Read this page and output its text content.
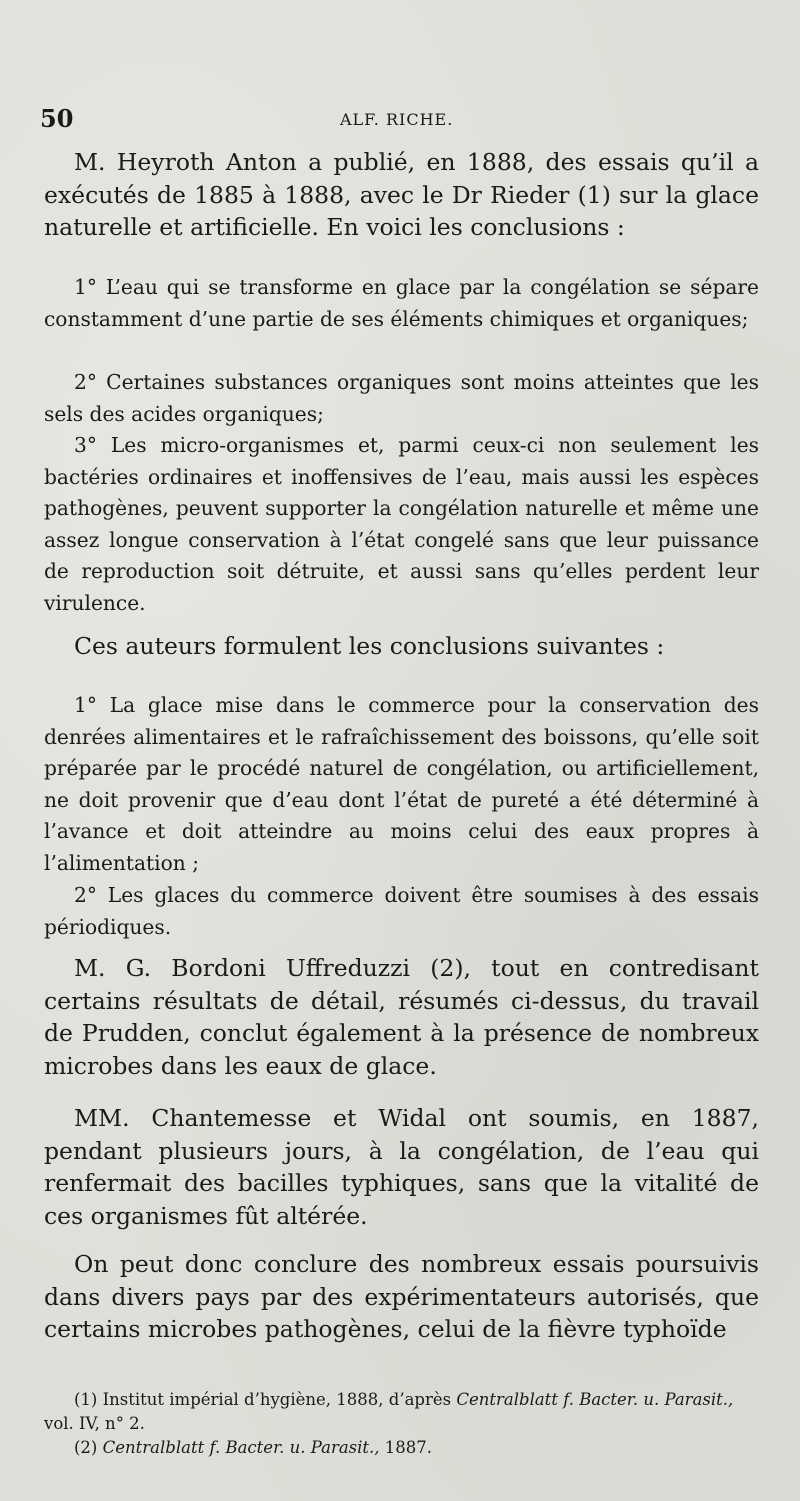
50	ALF. RICHE.

M. Heyroth Anton a publié, en 1888, des essais qu’il a exécutés de 1885 à 1888, avec le Dr Rieder (1) sur la glace naturelle et artificielle. En voici les conclusions :

1° L’eau qui se transforme en glace par la congélation se sépare constamment d’une partie de ses éléments chimiques et organiques;

2° Certaines substances organiques sont moins atteintes que les sels des acides organiques;

3° Les micro-organismes et, parmi ceux-ci non seulement les bactéries ordinaires et inoffensives de l’eau, mais aussi les espèces pathogènes, peuvent supporter la congélation naturelle et même une assez longue conservation à l’état congelé sans que leur puissance de reproduction soit détruite, et aussi sans qu’elles perdent leur virulence.

Ces auteurs formulent les conclusions suivantes :

1° La glace mise dans le commerce pour la conservation des denrées alimentaires et le rafraîchissement des boissons, qu’elle soit préparée par le procédé naturel de congélation, ou artificiellement, ne doit provenir que d’eau dont l’état de pureté a été déterminé à l’avance et doit atteindre au moins celui des eaux propres à l’alimentation ;

2° Les glaces du commerce doivent être soumises à des essais périodiques.

M. G. Bordoni Uffreduzzi (2), tout en contredisant certains résultats de détail, résumés ci-dessus, du travail de Prudden, conclut également à la présence de nombreux microbes dans les eaux de glace.

MM. Chantemesse et Widal ont soumis, en 1887, pendant plusieurs jours, à la congélation, de l’eau qui renfermait des bacilles typhiques, sans que la vitalité de ces organismes fût altérée.

On peut donc conclure des nombreux essais poursuivis dans divers pays par des expérimentateurs autorisés, que certains microbes pathogènes, celui de la fièvre typhoïde

(1) Institut impérial d’hygiène, 1888, d’après Centralblatt f. Bacter. u. Parasit., vol. IV, n° 2.

(2) Centralblatt f. Bacter. u. Parasit., 1887.
